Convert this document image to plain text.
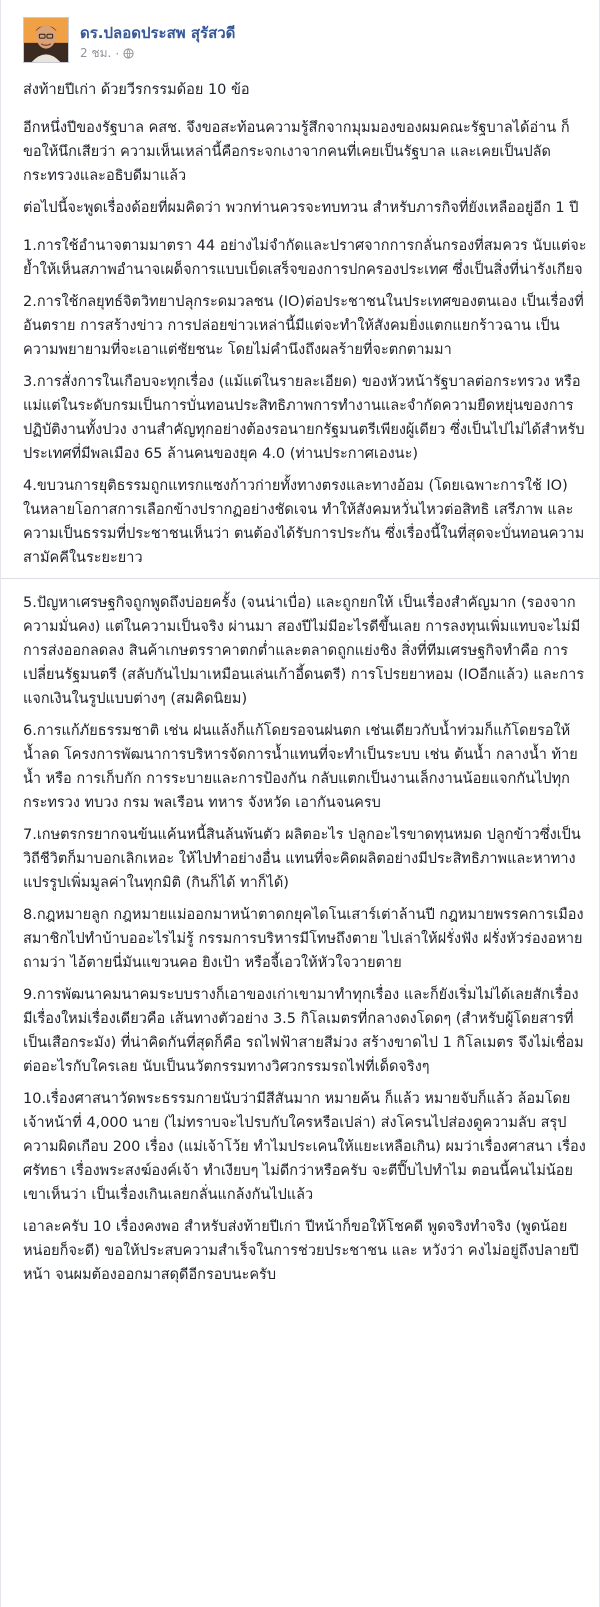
ดร.ปลอดประสพ สุรัสวดี
2 ชม. ·

ส่งท้ายปีเก่า ด้วยวีรกรรมด้อย 10 ข้อ

อีกหนึ่งปีของรัฐบาล คสช. จึงขอสะท้อนความรู้สึกจากมุมมองของผมคณะรัฐบาลได้อ่าน ก็ขอให้นึกเสียว่า ความเห็นเหล่านี้คือกระจกเงาจากคนที่เคยเป็นรัฐบาล และเคยเป็นปลัดกระทรวงและอธิบดีมาแล้ว

ต่อไปนี้จะพูดเรื่องด้อยที่ผมคิดว่า พวกท่านควรจะทบทวน สำหรับภารกิจที่ยังเหลืออยู่อีก 1 ปี

1.การใช้อำนาจตามมาตรา 44 อย่างไม่จำกัดและปราศจากการกลั่นกรองที่สมควร นับแต่จะย้ำให้เห็นสภาพอำนาจเผด็จการแบบเบ็ดเสร็จของการปกครองประเทศ ซึ่งเป็นสิ่งที่น่ารังเกียจ

2.การใช้กลยุทธ์จิตวิทยาปลุกระดมวลชน (IO)ต่อประชาชนในประเทศของตนเอง เป็นเรื่องที่อันตราย การสร้างข่าว การปล่อยข่าวเหล่านี้มีแต่จะทำให้สังคมยิ่งแตกแยกร้าวฉาน เป็นความพยายามที่จะเอาแต่ชัยชนะ โดยไม่คำนึงถึงผลร้ายที่จะตกตามมา

3.การสั่งการในเกือบจะทุกเรื่อง (แม้แต่ในรายละเอียด) ของหัวหน้ารัฐบาลต่อกระทรวง หรือ แม่แต่ในระดับกรมเป็นการบั่นทอนประสิทธิภาพการทำงานและจำกัดความยืดหยุ่นของการปฏิบัติงานทั้งปวง งานสำคัญทุกอย่างต้องรอนายกรัฐมนตรีเพียงผู้เดียว ซึ่งเป็นไปไม่ได้สำหรับประเทศที่มีพลเมือง 65 ล้านคนของยุค 4.0 (ท่านประกาศเองนะ)

4.ขบวนการยุติธรรมถูกแทรกแซงก้าวก่ายทั้งทางตรงและทางอ้อม (โดยเฉพาะการใช้ IO) ในหลายโอกาสการเลือกข้างปรากฏอย่างชัดเจน ทำให้สังคมหวั่นไหวต่อสิทธิ เสรีภาพ และความเป็นธรรมที่ประชาชนเห็นว่า ตนต้องได้รับการประกัน ซึ่งเรื่องนี้ในที่สุดจะบั่นทอนความสามัคคีในระยะยาว

5.ปัญหาเศรษฐกิจถูกพูดถึงบ่อยครั้ง (จนน่าเบื่อ) และถูกยกให้ เป็นเรื่องสำคัญมาก (รองจากความมั่นคง) แต่ในความเป็นจริง ผ่านมา สองปีไม่มีอะไรดีขึ้นเลย การลงทุนเพิ่มแทบจะไม่มี การส่งออกลดลง สินค้าเกษตรราคาตกต่ำและตลาดถูกแย่งชิง สิ่งที่ทีมเศรษฐกิจทำคือ การเปลี่ยนรัฐมนตรี (สลับกันไปมาเหมือนเล่นเก้าอี้ดนตรี) การโปรยยาหอม (IOอีกแล้ว) และการแจกเงินในรูปแบบต่างๆ (สมคิดนิยม)

6.การแก้ภัยธรรมชาติ เช่น ฝนแล้งก็แก้โดยรอจนฝนตก เช่นเดียวกับน้ำท่วมก็แก้โดยรอให้น้ำลด โครงการพัฒนาการบริหารจัดการน้ำแทนที่จะทำเป็นระบบ เช่น ต้นน้ำ กลางน้ำ ท้ายน้ำ หรือ การเก็บกัก การระบายและการป้องกัน กลับแตกเป็นงานเล็กงานน้อยแจกกันไปทุกกระทรวง ทบวง กรม พลเรือน ทหาร จังหวัด เอากันจนครบ

7.เกษตรกรยากจนข้นแค้นหนี้สินล้นพ้นตัว ผลิตอะไร ปลูกอะไรขาดทุนหมด ปลูกข้าวซึ่งเป็นวิถีชีวิตก็มาบอกเลิกเหอะ ให้ไปทำอย่างอื่น แทนที่จะคิดผลิตอย่างมีประสิทธิภาพและหาทางแปรรูปเพิ่มมูลค่าในทุกมิติ (กินก็ได้ ทาก็ได้)

8.กฎหมายลูก กฎหมายแม่ออกมาหน้าตาดกยุคไดโนเสาร์เต่าล้านปี กฎหมายพรรคการเมือง สมาชิกไปทำบ้าบออะไรไม่รู้ กรรมการบริหารมีโทษถึงตาย ไปเล่าให้ฝรั่งฟัง ฝรั่งหัวร่องอหาย ถามว่า ไอ้ตายนี่มันแขวนคอ ยิงเป้า หรือจี้เอวให้หัวใจวายตาย

9.การพัฒนาคมนาคมระบบรางก็เอาของเก่าเขามาทำทุกเรื่อง และก็ยังเริ่มไม่ได้เลยสักเรื่อง มีเรื่องใหม่เรื่องเดียวคือ เส้นทางตัวอย่าง 3.5 กิโลเมตรที่กลางดงโดดๆ (สำหรับผู้โดยสารที่เป็นเสือกระมัง) ที่น่าคิดกันที่สุดก็คือ รถไฟฟ้าสายสีม่วง สร้างขาดไป 1 กิโลเมตร จึงไม่เชื่อมต่ออะไรกับใครเลย นับเป็นนวัตกรรมทางวิศวกรรมรถไฟที่เด็ดจริงๆ

10.เรื่องศาสนาวัดพระธรรมกายนับว่ามีสีสันมาก หมายค้น ก็แล้ว หมายจับก็แล้ว ล้อมโดยเจ้าหน้าที่ 4,000 นาย (ไม่ทราบจะไปรบกับใครหรือเปล่า) ส่งโครนไปส่องดูความลับ สรุปความผิดเกือบ 200 เรื่อง (แม่เจ้าโว้ย ทำไมประเคนให้แยะเหลือเกิน) ผมว่าเรื่องศาสนา เรื่องศรัทธา เรื่องพระสงฆ์องค์เจ้า ทำเงียบๆ ไม่ดีกว่าหรือครับ จะตีปี๊บไปทำไม ตอนนี้คนไม่น้อยเขาเห็นว่า เป็นเรื่องเกินเลยกลั่นแกล้งกันไปแล้ว

เอาละครับ 10 เรื่องคงพอ สำหรับส่งท้ายปีเก่า ปีหน้าก็ขอให้โชคดี พูดจริงทำจริง (พูดน้อยหน่อยก็จะดี) ขอให้ประสบความสำเร็จในการช่วยประชาชน และ หวังว่า คงไม่อยู่ถึงปลายปีหน้า จนผมต้องออกมาสดุดีอีกรอบนะครับ
